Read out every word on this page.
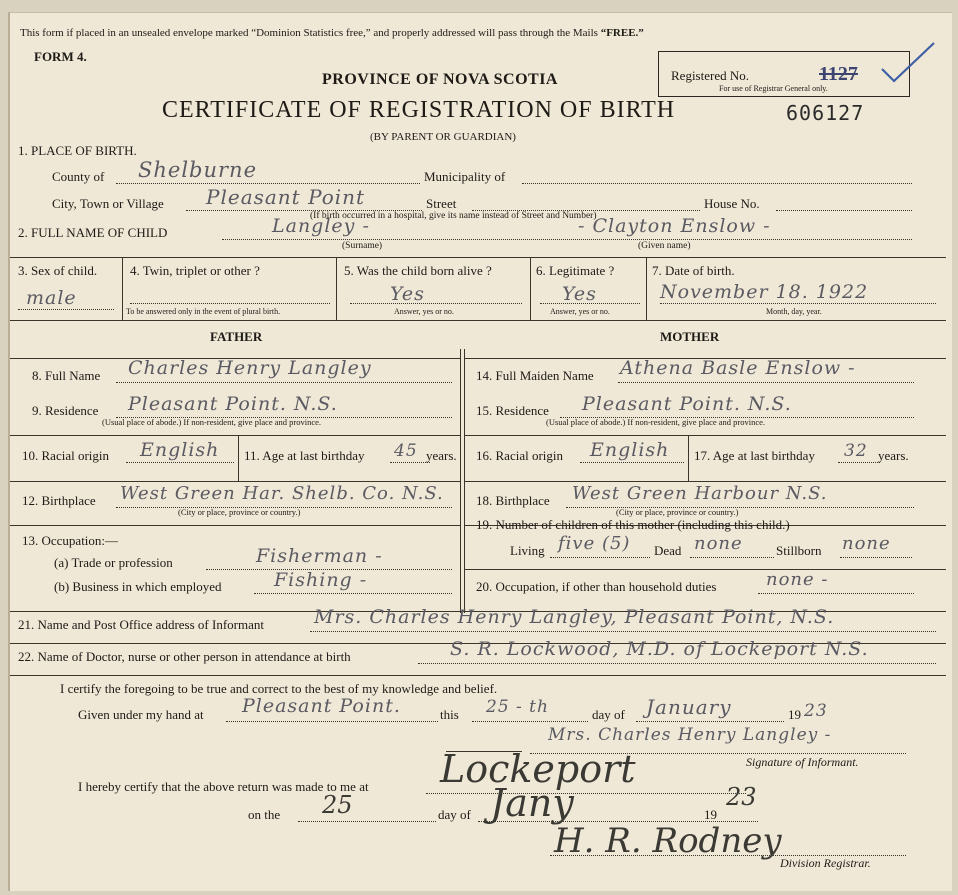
This form if placed in an unsealed envelope marked “Dominion Statistics free,” and properly addressed will pass through the Mails “FREE.”
FORM 4.
PROVINCE OF NOVA SCOTIA	Registered No.	1127
For use of Registrar General only.
CERTIFICATE OF REGISTRATION OF BIRTH	606127
(BY PARENT OR GUARDIAN)
1. PLACE OF BIRTH.
County of Shelburne	Municipality of
City, Town or Village Pleasant Point	Street	House No.
(If birth occurred in a hospital, give its name instead of Street and Number)
2. FULL NAME OF CHILD	Langley -
(Surname)
- Clayton Enslow -
(Given name)
3. Sex of child.
male
4. Twin, triplet or other ?
To be answered only in the event of plural birth.
5. Was the child born alive ?
Yes
Answer, yes or no.
6. Legitimate ?
Yes
Answer, yes or no.
7. Date of birth.
November 18. 1922
Month, day, year.
FATHER	MOTHER
8. Full Name Charles Henry Langley
9. Residence Pleasant Point. N.S.
(Usual place of abode.) If non-resident, give place and province.
10. Racial origin English 11. Age at last birthday 45 years.
12. Birthplace West Green Har. Shelb. Co. N.S.
(City or place, province or country.)
13. Occupation:—
(a) Trade or profession	Fisherman -
(b) Business in which employed	Fishing -
14. Full Maiden Name Athena Basle Enslow -
15. Residence Pleasant Point. N.S.
(Usual place of abode.) If non-resident, give place and province.
16. Racial origin English 17. Age at last birthday 32 years.
18. Birthplace West Green Harbour N.S.
(City or place, province or country.)
19. Number of children of this mother (including this child.)
Living five (5) Dead none	Stillborn none
20. Occupation, if other than household duties	none -
21. Name and Post Office address of Informant	Mrs. Charles Henry Langley, Pleasant Point, N.S.
22. Name of Doctor, nurse or other person in attendance at birth	S. R. Lockwood, M.D. of Lockeport N.S.
I certify the foregoing to be true and correct to the best of my knowledge and belief.
Given under my hand at Pleasant Point.	this 25 - th	day of January	19 23
Mrs. Charles Henry Langley -
Signature of Informant.
I hereby certify that the above return was made to me at Lockeport
on the 25	day of Jany	19
23
H. R. Rodney
Division Registrar.
